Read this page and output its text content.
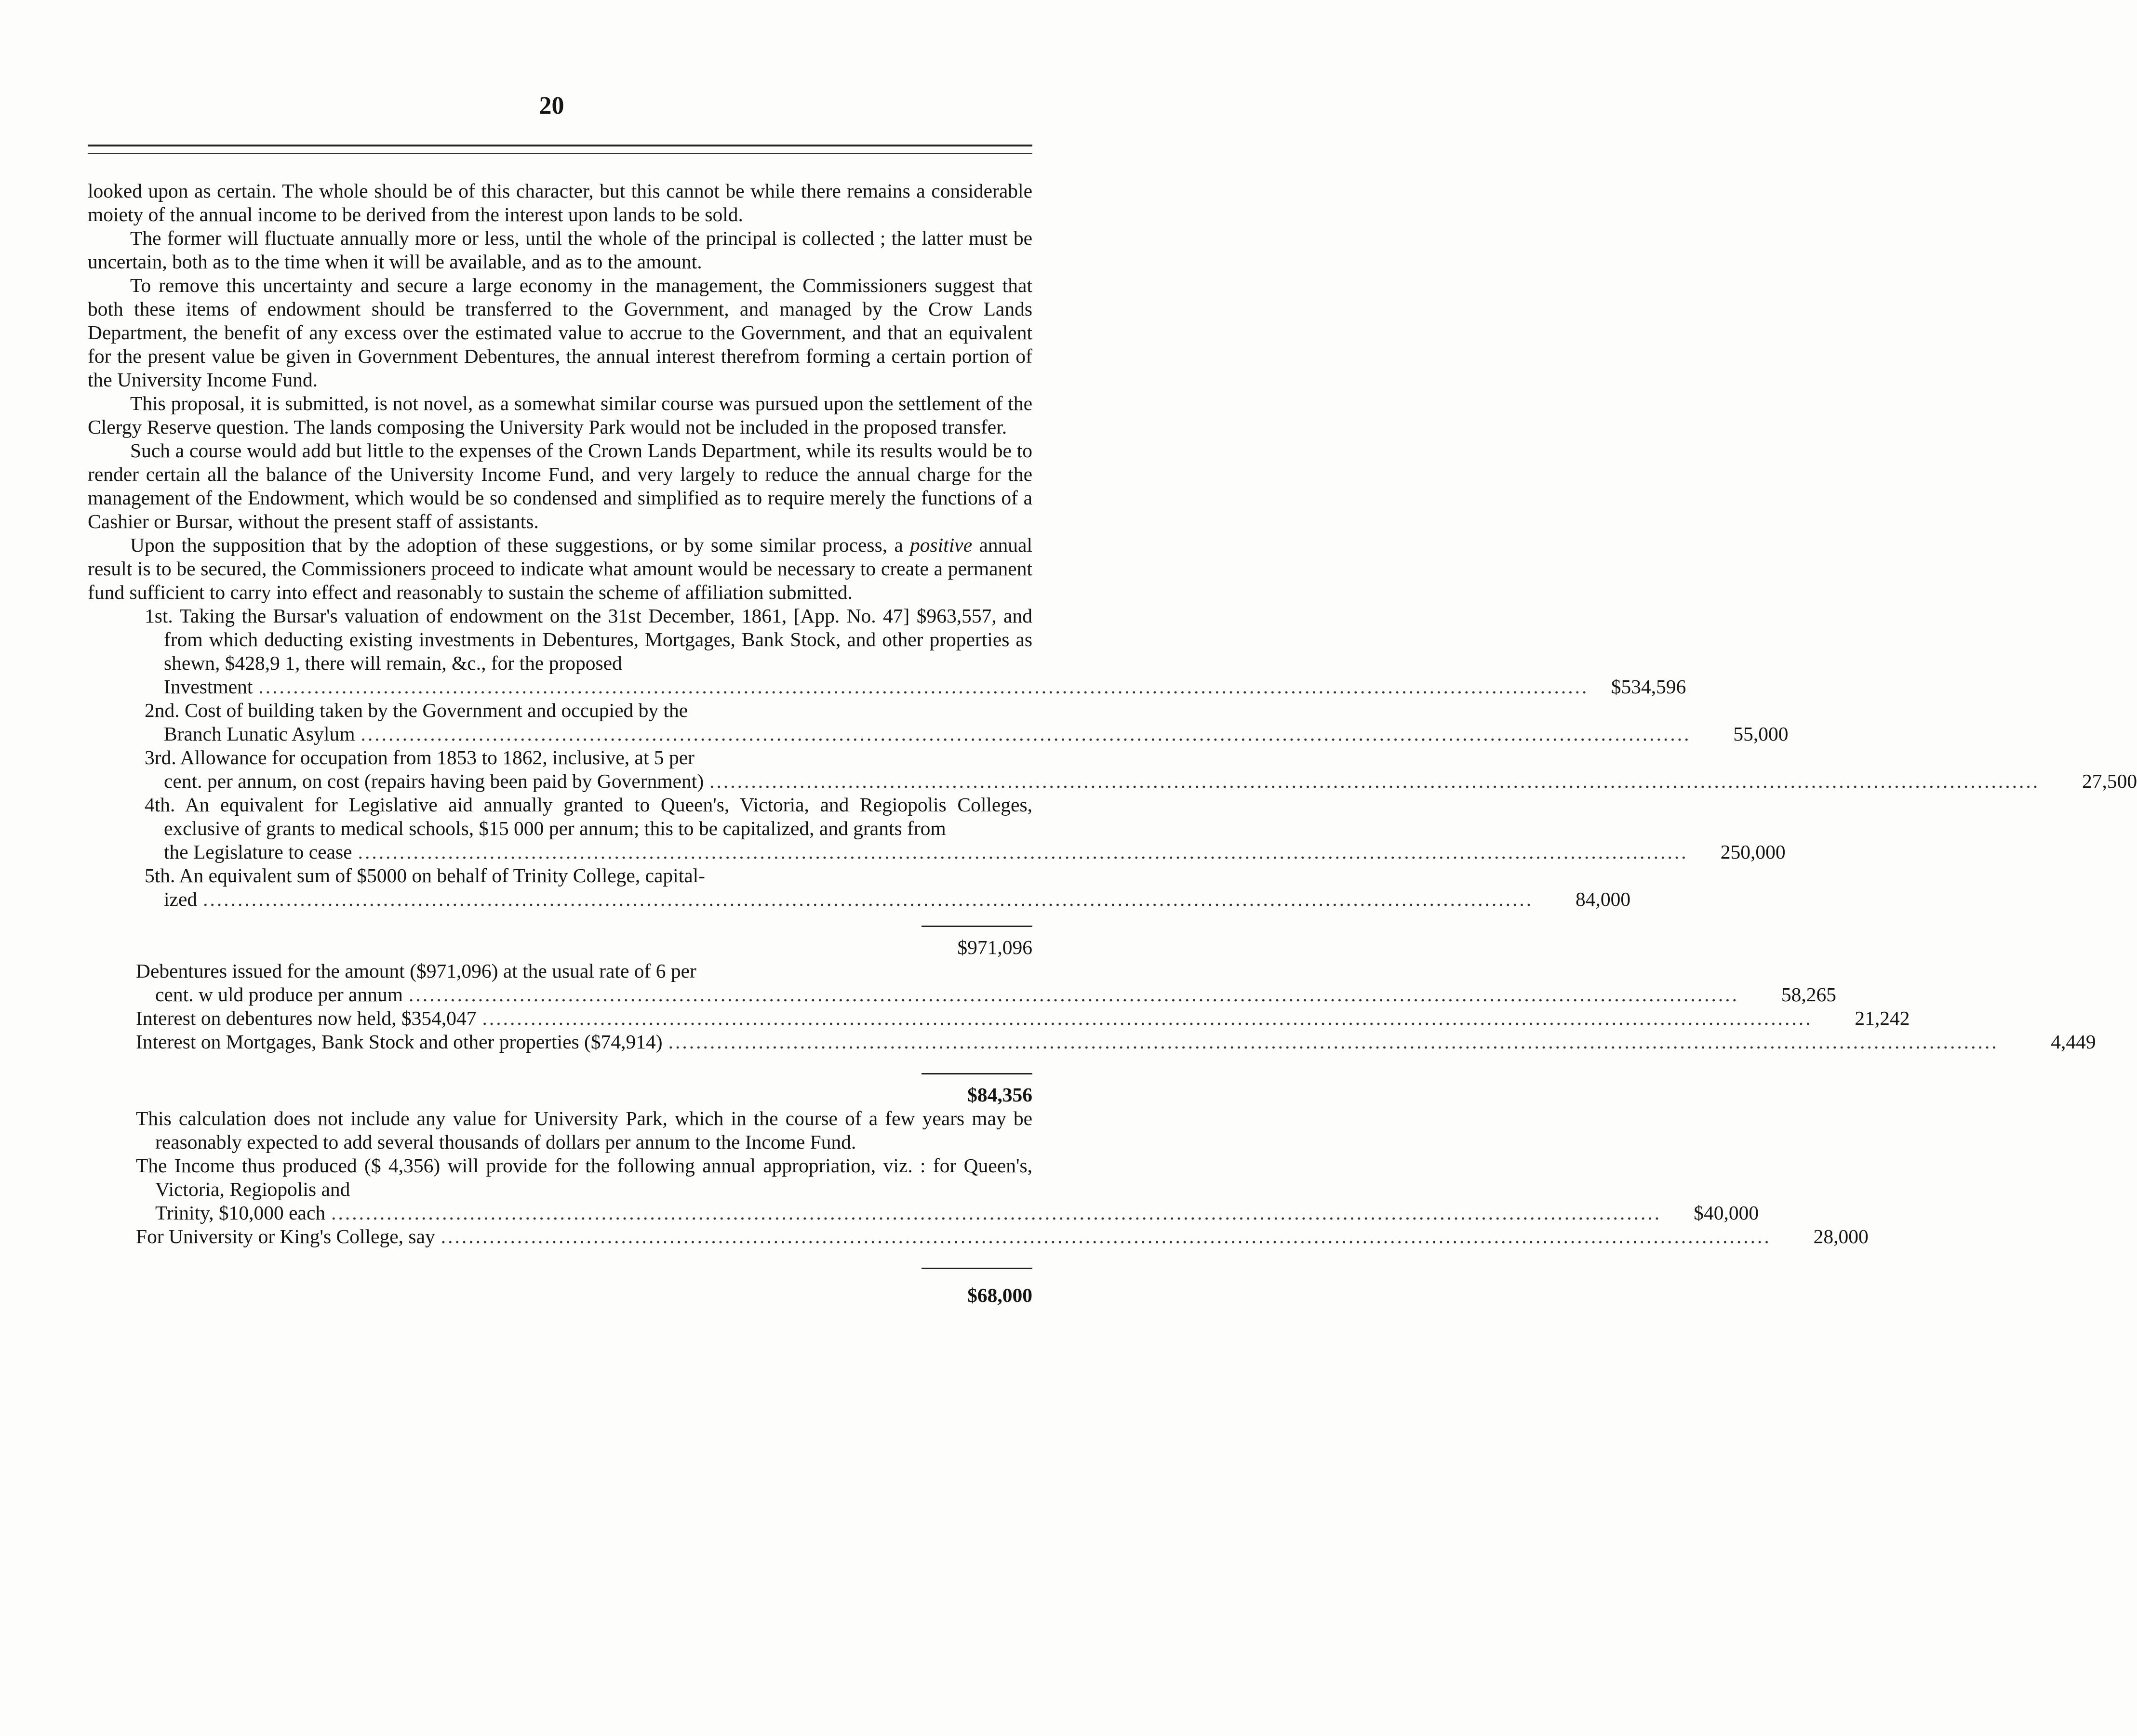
20

looked upon as certain. The whole should be of this character, but this cannot be while there remains a considerable moiety of the annual income to be derived from the interest upon lands to be sold.

The former will fluctuate annually more or less, until the whole of the principal is collected ; the latter must be uncertain, both as to the time when it will be available, and as to the amount.

To remove this uncertainty and secure a large economy in the management, the Commissioners suggest that both these items of endowment should be transferred to the Government, and managed by the Crow Lands Department, the benefit of any excess over the estimated value to accrue to the Government, and that an equivalent for the present value be given in Government Debentures, the annual interest therefrom forming a certain portion of the University Income Fund.

This proposal, it is submitted, is not novel, as a somewhat similar course was pursued upon the settlement of the Clergy Reserve question. The lands composing the University Park would not be included in the proposed transfer.

Such a course would add but little to the expenses of the Crown Lands Department, while its results would be to render certain all the balance of the University Income Fund, and very largely to reduce the annual charge for the management of the Endowment, which would be so condensed and simplified as to require merely the functions of a Cashier or Bursar, without the present staff of assistants.

Upon the supposition that by the adoption of these suggestions, or by some similar process, a positive annual result is to be secured, the Commissioners proceed to indicate what amount would be necessary to create a permanent fund sufficient to carry into effect and reasonably to sustain the scheme of affiliation submitted.

1st. Taking the Bursar's valuation of endowment on the 31st December, 1861, [App. No. 47] $963,557, and from which deducting existing investments in Debentures, Mortgages, Bank Stock, and other properties as shewn, $428,9 1, there will remain, &c., for the proposed
Investment ................................................................................................................................................................................................	$534,596
2nd. Cost of building taken by the Government and occupied by the
Branch Lunatic Asylum ................................................................................................................................................................................................	55,000
3rd. Allowance for occupation from 1853 to 1862, inclusive, at 5 per
cent. per annum, on cost (repairs having been paid by Government) ................................................................................................................................................................................................	27,500
4th. An equivalent for Legislative aid annually granted to Queen's, Victoria, and Regiopolis Colleges, exclusive of grants to medical schools, $15 000 per annum; this to be capitalized, and grants from
the Legislature to cease ................................................................................................................................................................................................	250,000
5th. An equivalent sum of $5000 on behalf of Trinity College, capital-
ized ................................................................................................................................................................................................	84,000
$971,096
Debentures issued for the amount ($971,096) at the usual rate of 6 per
cent. w uld produce per annum ................................................................................................................................................................................................	58,265
Interest on debentures now held, $354,047 ................................................................................................................................................................................................	21,242
Interest on Mortgages, Bank Stock and other properties ($74,914) ................................................................................................................................................................................................	4,449
$84,356
This calculation does not include any value for University Park, which in the course of a few years may be reasonably expected to add several thousands of dollars per annum to the Income Fund.
The Income thus produced ($ 4,356) will provide for the following annual appropriation, viz. : for Queen's, Victoria, Regiopolis and
Trinity, $10,000 each ................................................................................................................................................................................................	$40,000
For University or King's College, say ................................................................................................................................................................................................	28,000
$68,000
